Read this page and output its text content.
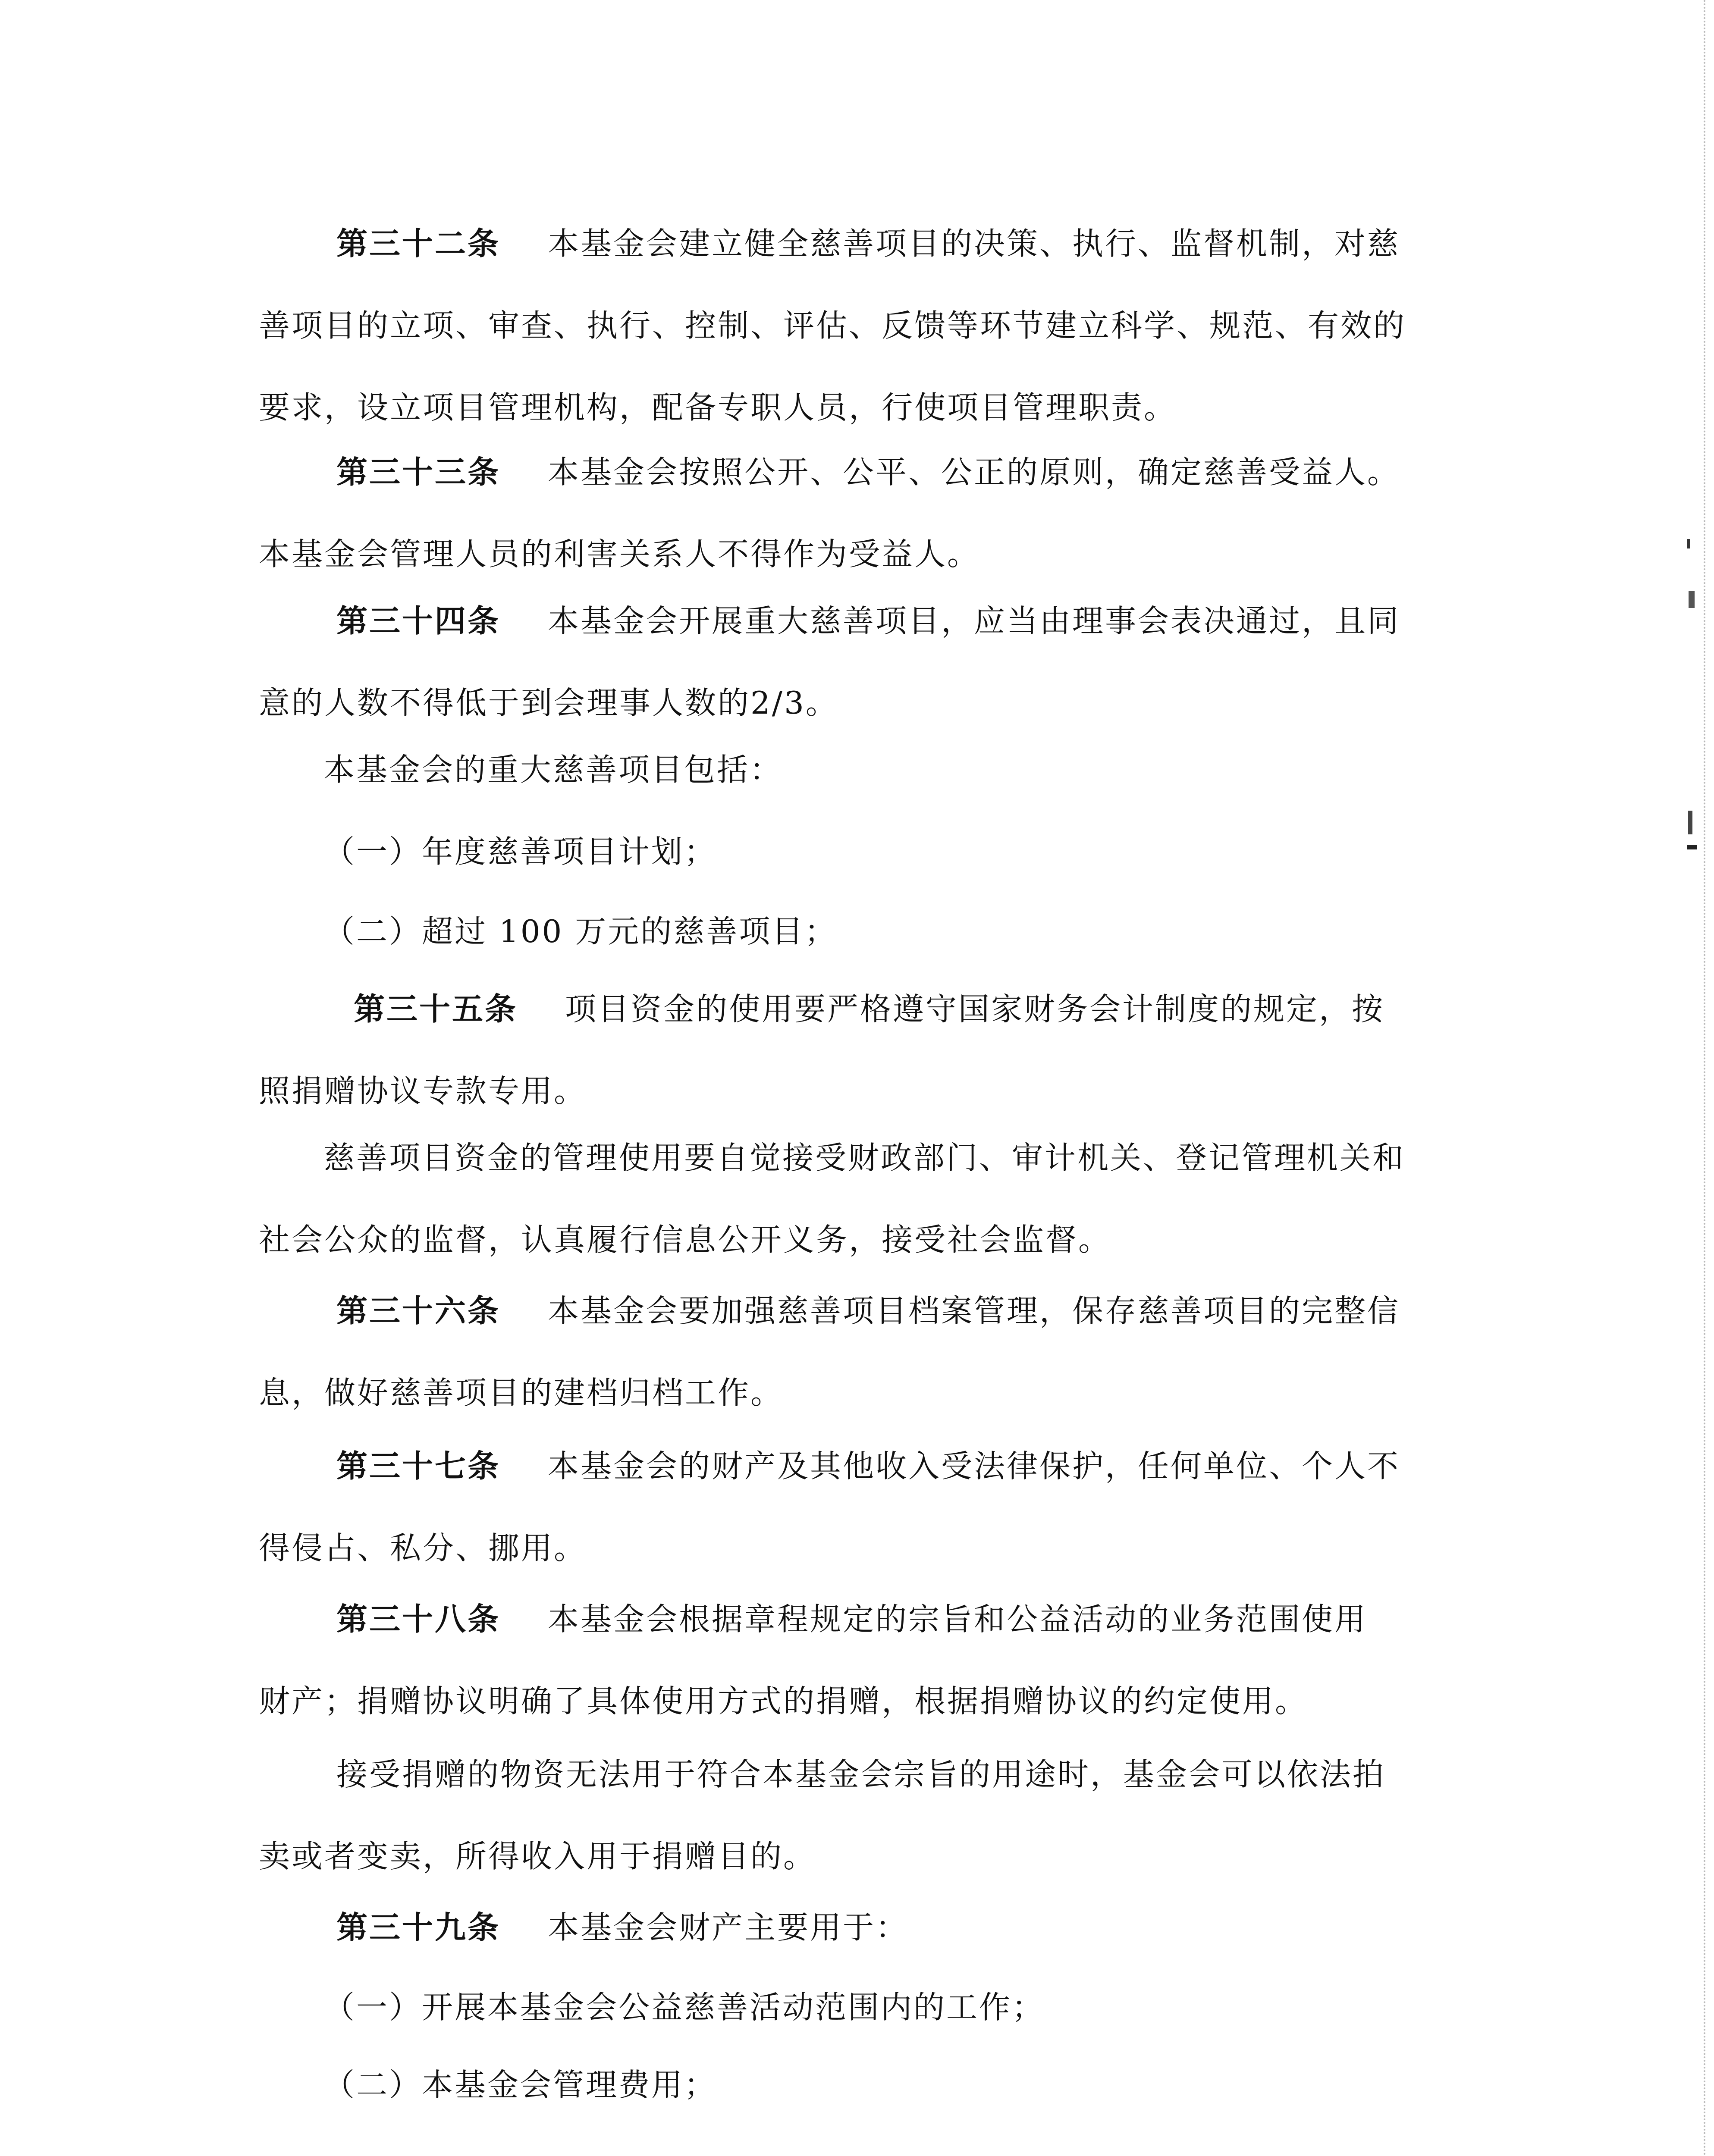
第三十二条 本基金会建立健全慈善项目的决策、执行、监督机制，对慈
善项目的立项、审查、执行、控制、评估、反馈等环节建立科学、规范、有效的
要求，设立项目管理机构，配备专职人员，行使项目管理职责。
第三十三条 本基金会按照公开、公平、公正的原则，确定慈善受益人。
本基金会管理人员的利害关系人不得作为受益人。
第三十四条 本基金会开展重大慈善项目，应当由理事会表决通过，且同
意的人数不得低于到会理事人数的2/3。
本基金会的重大慈善项目包括：
（一）年度慈善项目计划；
（二）超过 100 万元的慈善项目；
第三十五条 项目资金的使用要严格遵守国家财务会计制度的规定，按
照捐赠协议专款专用。
慈善项目资金的管理使用要自觉接受财政部门、审计机关、登记管理机关和
社会公众的监督，认真履行信息公开义务，接受社会监督。
第三十六条 本基金会要加强慈善项目档案管理，保存慈善项目的完整信
息，做好慈善项目的建档归档工作。
第三十七条 本基金会的财产及其他收入受法律保护，任何单位、个人不
得侵占、私分、挪用。
第三十八条 本基金会根据章程规定的宗旨和公益活动的业务范围使用
财产；捐赠协议明确了具体使用方式的捐赠，根据捐赠协议的约定使用。
接受捐赠的物资无法用于符合本基金会宗旨的用途时，基金会可以依法拍
卖或者变卖，所得收入用于捐赠目的。
第三十九条 本基金会财产主要用于：
（一）开展本基金会公益慈善活动范围内的工作；
（二）本基金会管理费用；
